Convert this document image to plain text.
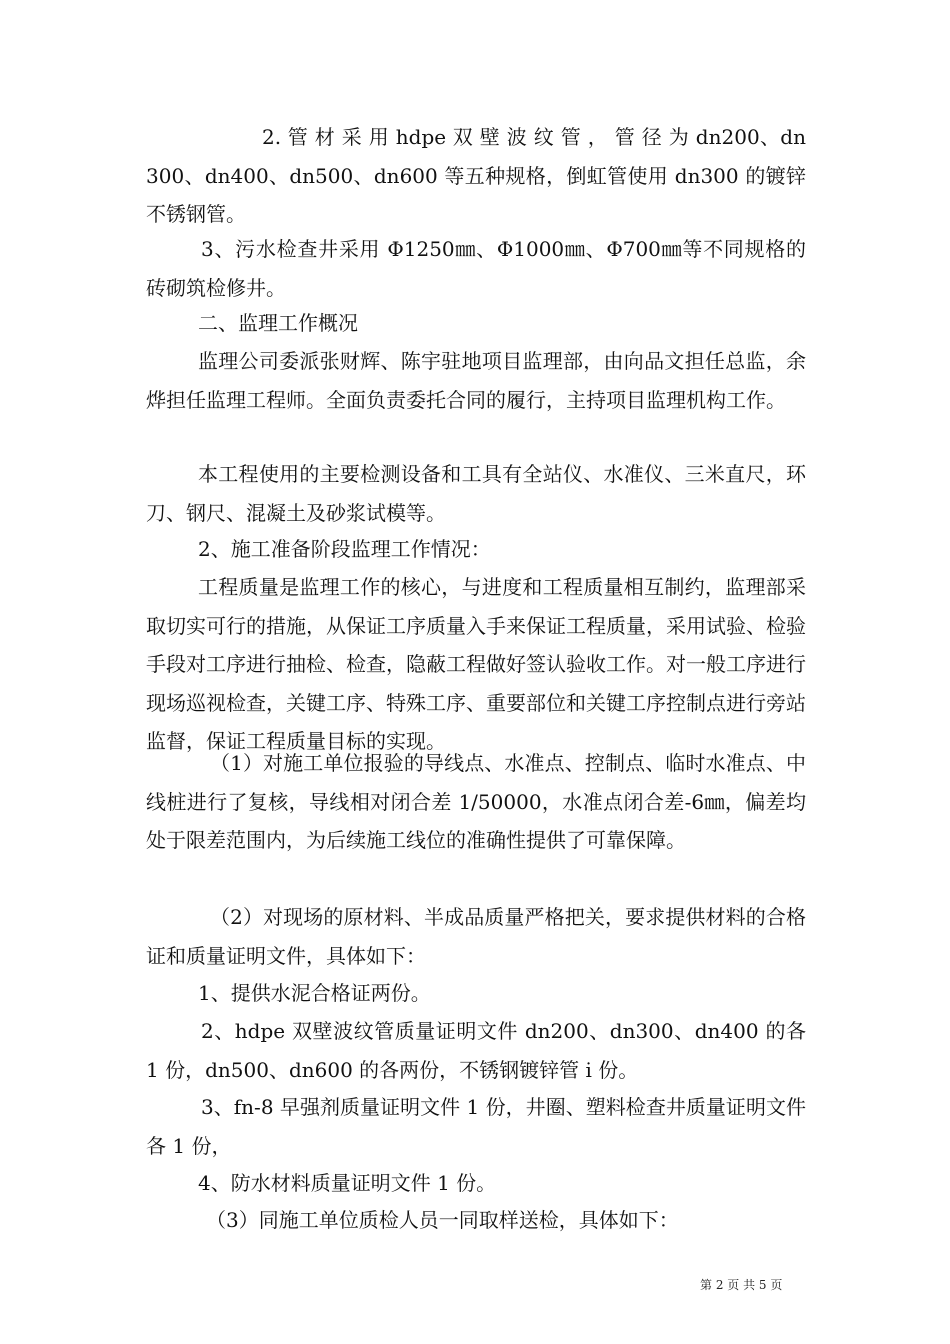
2. 管 材 采 用 hdpe 双 壁 波 纹 管 ， 管 径 为 dn200、dn300、dn400、dn500、dn600 等五种规格，倒虹管使用 dn300 的镀锌不锈钢管。

3、污水检查井采用 Φ1250㎜、Φ1000㎜、Φ700㎜等不同规格的砖砌筑检修井。

二、监理工作概况

监理公司委派张财辉、陈宇驻地项目监理部，由向品文担任总监，余烨担任监理工程师。全面负责委托合同的履行，主持项目监理机构工作。

本工程使用的主要检测设备和工具有全站仪、水准仪、三米直尺，环刀、钢尺、混凝土及砂浆试模等。

2、施工准备阶段监理工作情况：

工程质量是监理工作的核心，与进度和工程质量相互制约，监理部采取切实可行的措施，从保证工序质量入手来保证工程质量，采用试验、检验手段对工序进行抽检、检查，隐蔽工程做好签认验收工作。对一般工序进行现场巡视检查，关键工序、特殊工序、重要部位和关键工序控制点进行旁站监督，保证工程质量目标的实现。

（1）对施工单位报验的导线点、水准点、控制点、临时水准点、中线桩进行了复核，导线相对闭合差 1/50000，水准点闭合差-6㎜，偏差均处于限差范围内，为后续施工线位的准确性提供了可靠保障。

（2）对现场的原材料、半成品质量严格把关，要求提供材料的合格证和质量证明文件，具体如下：

1、提供水泥合格证两份。

2、hdpe 双壁波纹管质量证明文件 dn200、dn300、dn400 的各 1 份，dn500、dn600 的各两份，不锈钢镀锌管 i 份。

3、fn-8 早强剂质量证明文件 1 份，井圈、塑料检查井质量证明文件各 1 份，

4、防水材料质量证明文件 1 份。

（3）同施工单位质检人员一同取样送检，具体如下：

第 2 页 共 5 页
